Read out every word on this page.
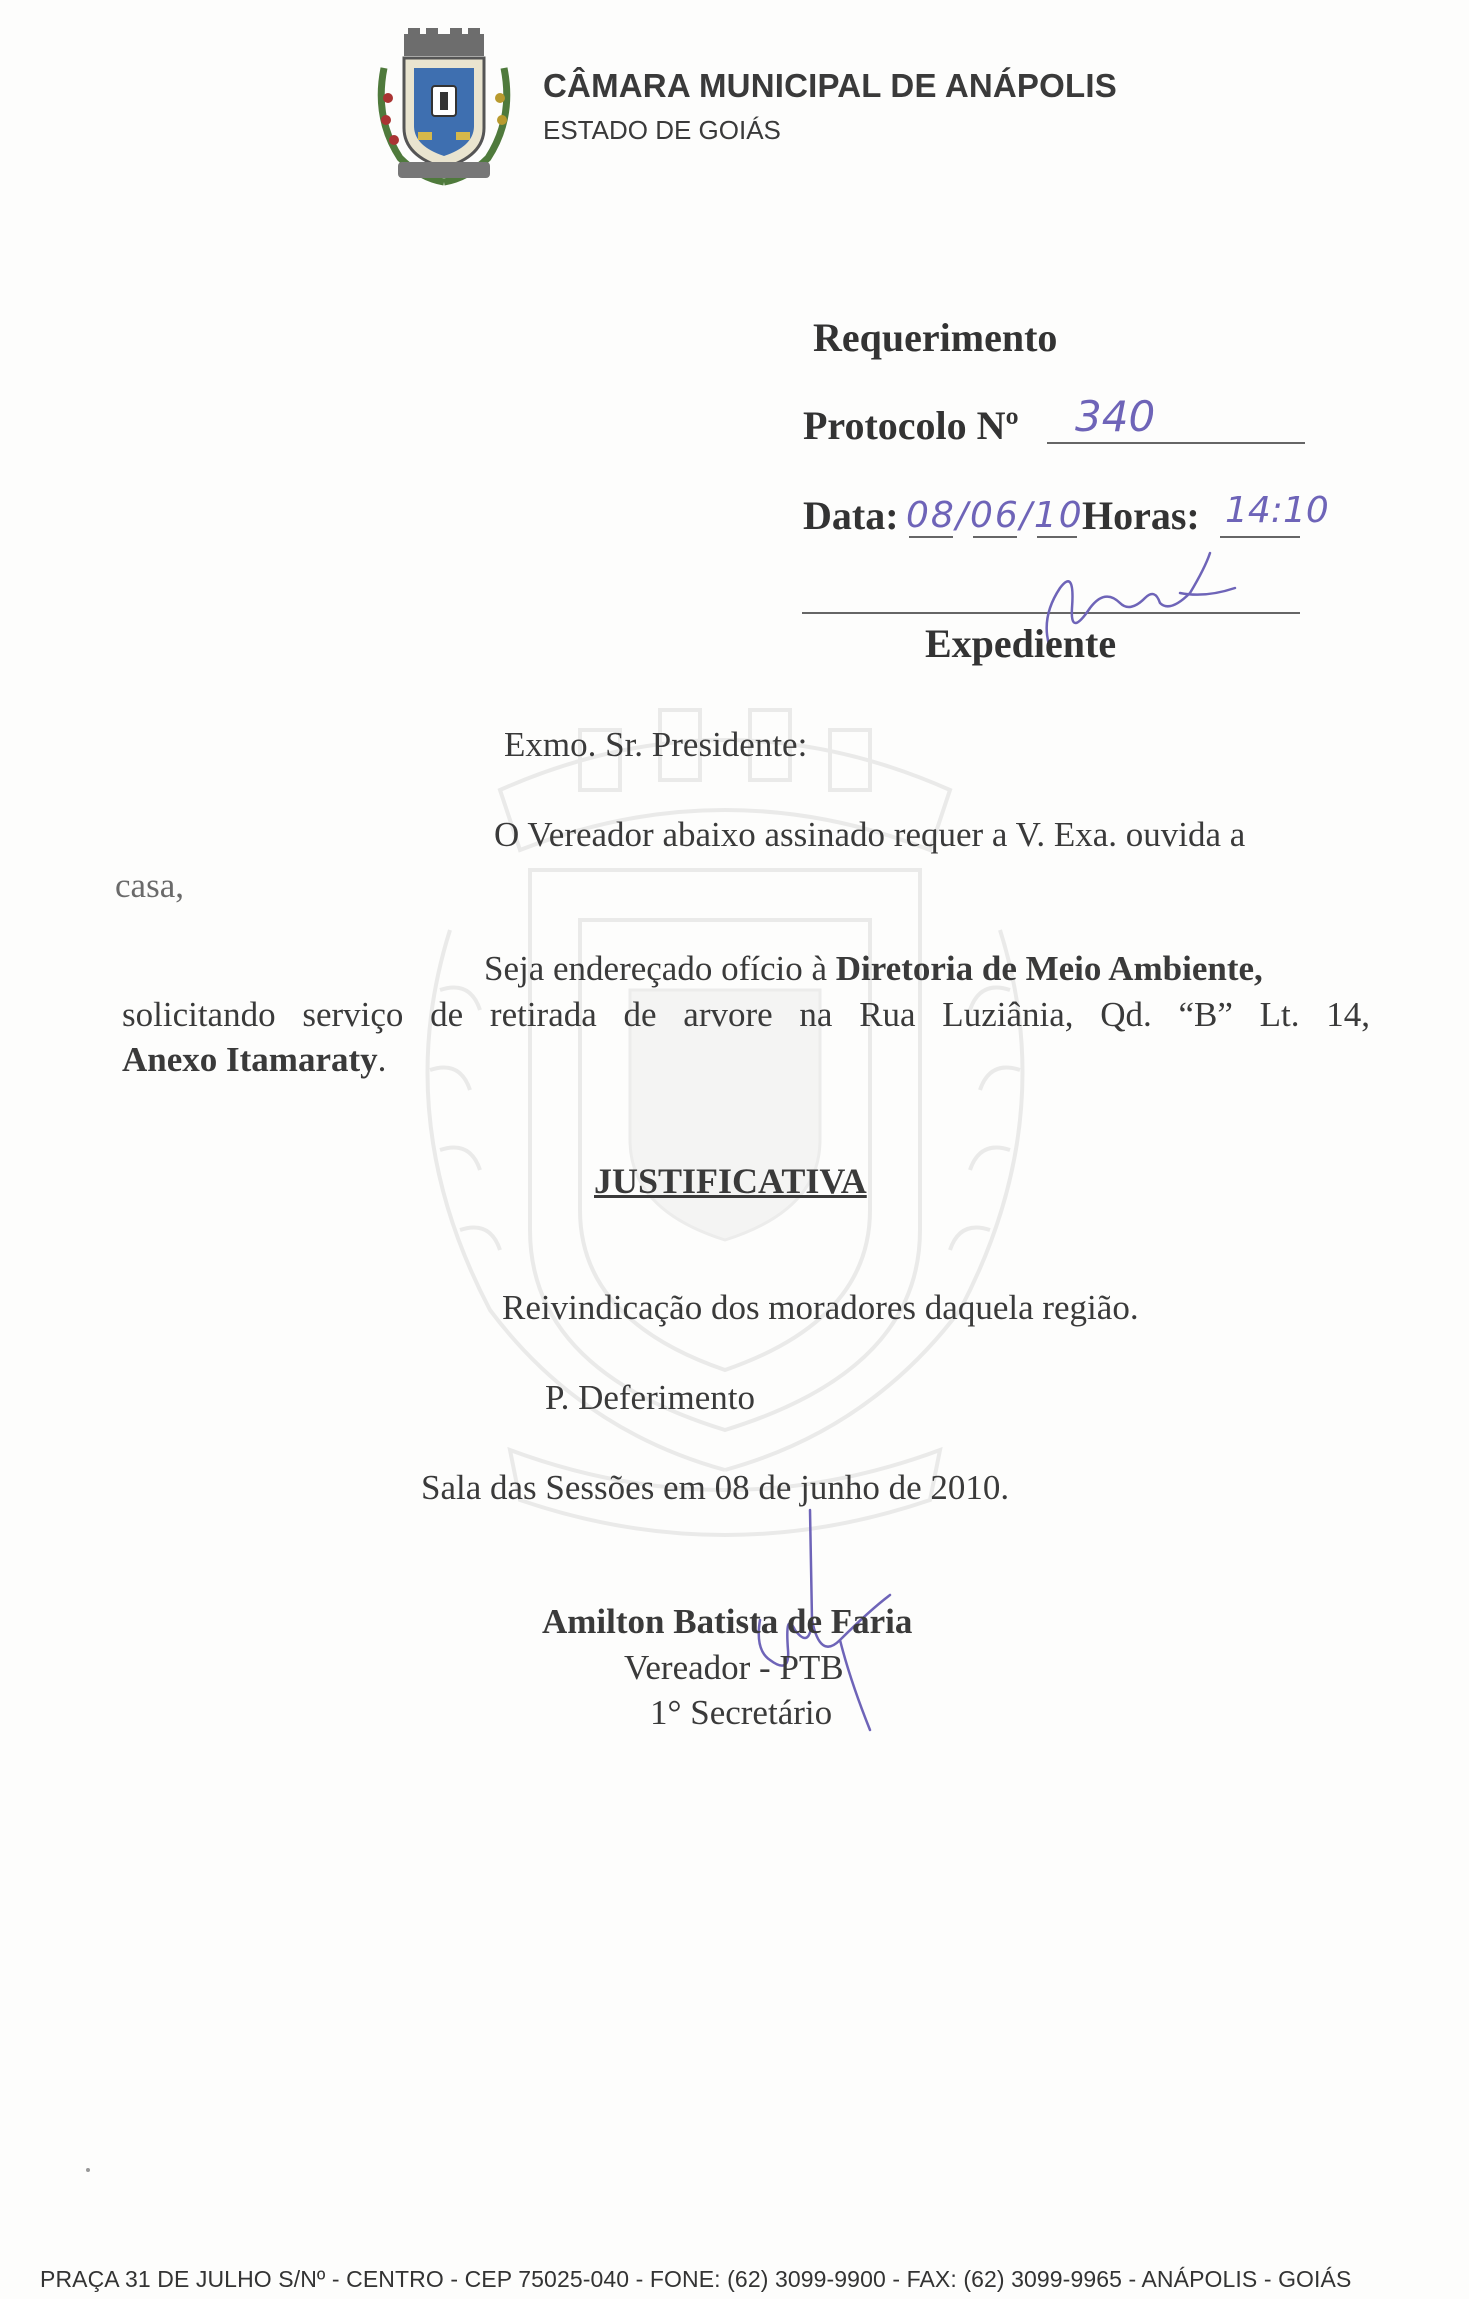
CÂMARA MUNICIPAL DE ANÁPOLIS
ESTADO DE GOIÁS
Requerimento
Protocolo Nº 340
Data: 08/06/10
Horas: 14:10
Expediente
Exmo. Sr. Presidente:
O Vereador abaixo assinado requer a V. Exa. ouvida a
casa,
Seja endereçado ofício à Diretoria de Meio Ambiente,
solicitando serviço de retirada de arvore na Rua Luziânia, Qd. “B” Lt. 14,
Anexo Itamaraty.
JUSTIFICATIVA
Reivindicação dos moradores daquela região.
P. Deferimento
Sala das Sessões em 08 de junho de 2010.
Amilton Batista de Faria
Vereador - PTB
1° Secretário
PRAÇA 31 DE JULHO S/Nº - CENTRO - CEP 75025-040 - FONE: (62) 3099-9900 - FAX: (62) 3099-9965 - ANÁPOLIS - GOIÁS
